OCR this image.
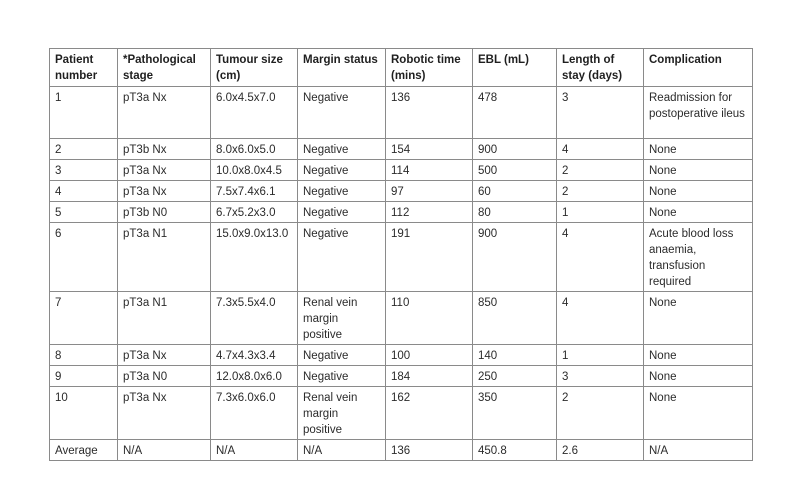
Patient number	*Pathological stage	Tumour size (cm)	Margin status	Robotic time (mins)	EBL (mL)	Length of stay (days)	Complication
1	pT3a Nx	6.0x4.5x7.0	Negative	136	478	3	Readmission for postoperative ileus
2	pT3b Nx	8.0x6.0x5.0	Negative	154	900	4	None
3	pT3a Nx	10.0x8.0x4.5	Negative	114	500	2	None
4	pT3a Nx	7.5x7.4x6.1	Negative	97	60	2	None
5	pT3b N0	6.7x5.2x3.0	Negative	112	80	1	None
6	pT3a N1	15.0x9.0x13.0	Negative	191	900	4	Acute blood loss anaemia, transfusion required
7	pT3a N1	7.3x5.5x4.0	Renal vein margin positive	110	850	4	None
8	pT3a Nx	4.7x4.3x3.4	Negative	100	140	1	None
9	pT3a N0	12.0x8.0x6.0	Negative	184	250	3	None
10	pT3a Nx	7.3x6.0x6.0	Renal vein margin positive	162	350	2	None
Average	N/A	N/A	N/A	136	450.8	2.6	N/A
